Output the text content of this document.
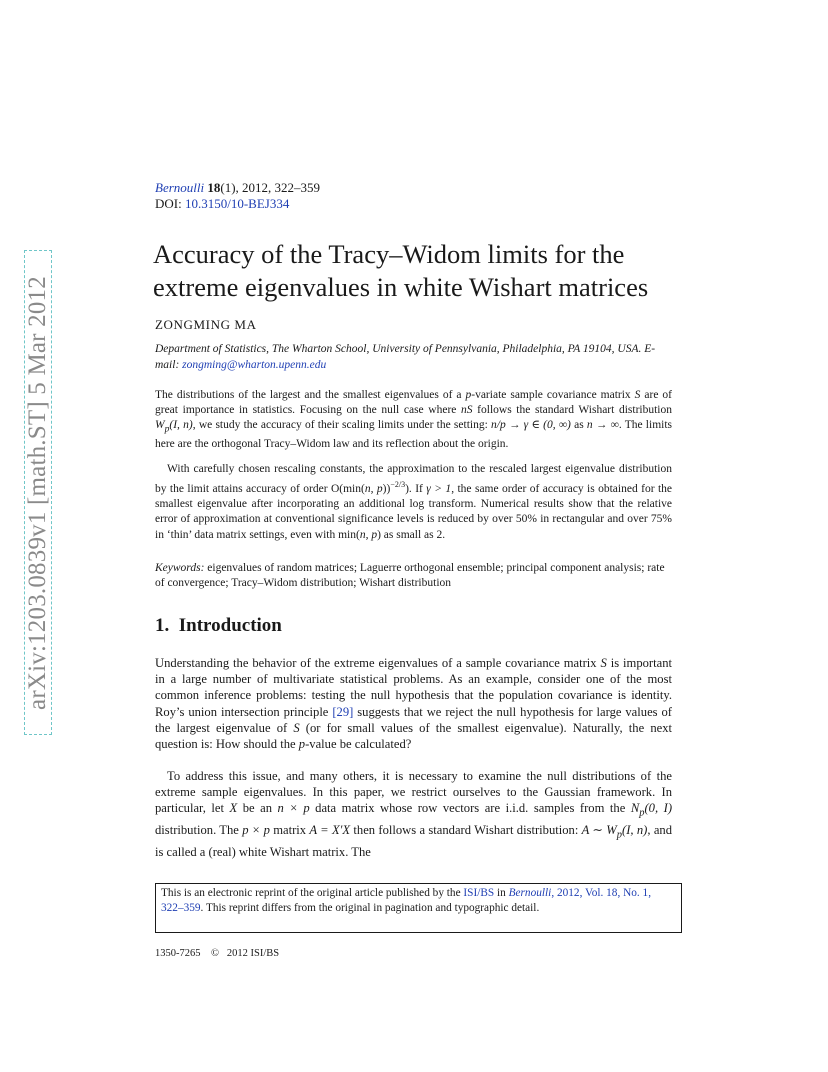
arXiv:1203.0839v1 [math.ST] 5 Mar 2012
Bernoulli 18(1), 2012, 322–359
DOI: 10.3150/10-BEJ334
Accuracy of the Tracy–Widom limits for the extreme eigenvalues in white Wishart matrices
ZONGMING MA
Department of Statistics, The Wharton School, University of Pennsylvania, Philadelphia, PA 19104, USA. E-mail: zongming@wharton.upenn.edu

The distributions of the largest and the smallest eigenvalues of a p-variate sample covariance matrix S are of great importance in statistics. Focusing on the null case where nS follows the standard Wishart distribution $W_p(I$, n), we study the accuracy of their scaling limits under the setting: n/p → γ ∈ (0, ∞) as n → ∞. The limits here are the orthogonal Tracy–Widom law and its reflection about the origin.

With carefully chosen rescaling constants, the approximation to the rescaled largest eigenvalue distribution by the limit attains accuracy of order O(min(n, p))$^{-2/3}$). If γ > 1, the same order of accuracy is obtained for the smallest eigenvalue after incorporating an additional log transform. Numerical results show that the relative error of approximation at conventional significance levels is reduced by over 50% in rectangular and over 75% in ‘thin’ data matrix settings, even with min(n, p) as small as 2.

Keywords: eigenvalues of random matrices; Laguerre orthogonal ensemble; principal component analysis; rate of convergence; Tracy–Widom distribution; Wishart distribution

1. Introduction

Understanding the behavior of the extreme eigenvalues of a sample covariance matrix S is important in a large number of multivariate statistical problems. As an example, consider one of the most common inference problems: testing the null hypothesis that the population covariance is identity. Roy’s union intersection principle [29] suggests that we reject the null hypothesis for large values of the largest eigenvalue of S (or for small values of the smallest eigenvalue). Naturally, the next question is: How should the p-value be calculated?

To address this issue, and many others, it is necessary to examine the null distributions of the extreme sample eigenvalues. In this paper, we restrict ourselves to the Gaussian framework. In particular, let X be an n × p data matrix whose row vectors are i.i.d. samples from the $N_p(0$, I) distribution. The p × p matrix A = X′X then follows a standard Wishart distribution: A ∼ $W_p(I$, n), and is called a (real) white Wishart matrix. The

This is an electronic reprint of the original article published by the ISI/BS in Bernoulli, 2012, Vol. 18, No. 1, 322–359. This reprint differs from the original in pagination and typographic detail.
1350-7265 © 2012 ISI/BS
